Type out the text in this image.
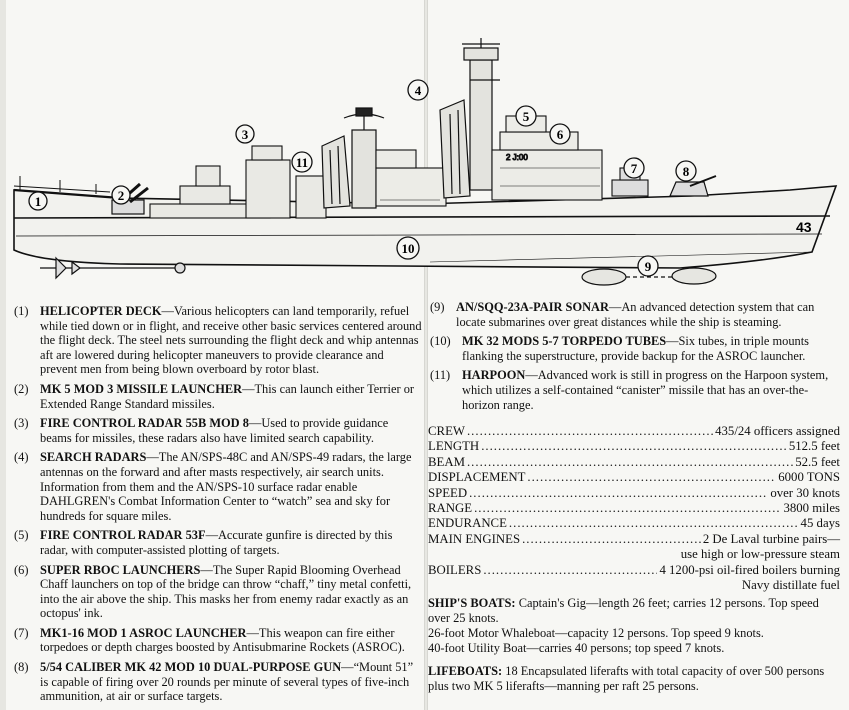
2 J:00
43
1	2
3
4
5
6
7	8
9
10
11
(1) HELICOPTER DECK—Various helicopters can land temporarily, refuel while tied down or in flight, and receive other basic services centered around the flight deck. The steel nets surrounding the flight deck and whip antennas aft are lowered during helicopter maneuvers to provide clearance and prevent men from being blown overboard by rotor blast.
(2) MK 5 MOD 3 MISSILE LAUNCHER—This can launch either Terrier or Extended Range Standard missiles.
(3) FIRE CONTROL RADAR 55B MOD 8—Used to provide guidance beams for missiles, these radars also have limited search capability.
(4) SEARCH RADARS—The AN/SPS-48C and AN/SPS-49 radars, the large antennas on the forward and after masts respectively, air search units. Information from them and the AN/SPS-10 surface radar enable DAHLGREN's Combat Information Center to “watch” sea and sky for hundreds for square miles.
(5) FIRE CONTROL RADAR 53F—Accurate gunfire is directed by this radar, with computer-assisted plotting of targets.
(6) SUPER RBOC LAUNCHERS—The Super Rapid Blooming Overhead Chaff launchers on top of the bridge can throw “chaff,” tiny metal confetti, into the air above the ship. This masks her from enemy radar exactly as an octopus' ink.
(7) MK1-16 MOD 1 ASROC LAUNCHER—This weapon can fire either torpedoes or depth charges boosted by Antisubmarine Rockets (ASROC).
(8) 5/54 CALIBER MK 42 MOD 10 DUAL-PURPOSE GUN—“Mount 51” is capable of firing over 20 rounds per minute of several types of five-inch ammunition, at air or surface targets.
(9) AN/SQQ-23A-PAIR SONAR—An advanced detection system that can locate submarines over great distances while the ship is steaming.
(10) MK 32 MODS 5-7 TORPEDO TUBES—Six tubes, in triple mounts flanking the superstructure, provide backup for the ASROC launcher.
(11) HARPOON—Advanced work is still in progress on the Harpoon system, which utilizes a self-contained “canister” missile that has an over-the-horizon range.
CREW .....	435/24 officers assigned
LENGTH .....	512.5 feet
BEAM .....	52.5 feet
DISPLACEMENT .....	6000 TONS
SPEED .....	over 30 knots
RANGE .....	3800 miles
ENDURANCE .....	45 days
MAIN ENGINES .....	2 De Laval turbine pairs—
use high or low-pressure steam
BOILERS .....	4 1200-psi oil-fired boilers burning
Navy distillate fuel

SHIP'S BOATS: Captain's Gig—length 26 feet; carries 12 persons. Top speed over 25 knots.

26-foot Motor Whaleboat—capacity 12 persons. Top speed 9 knots.

40-foot Utility Boat—carries 40 persons; top speed 7 knots.

LIFEBOATS: 18 Encapsulated liferafts with total capacity of over 500 persons plus two MK 5 liferafts—manning per raft 25 persons.
